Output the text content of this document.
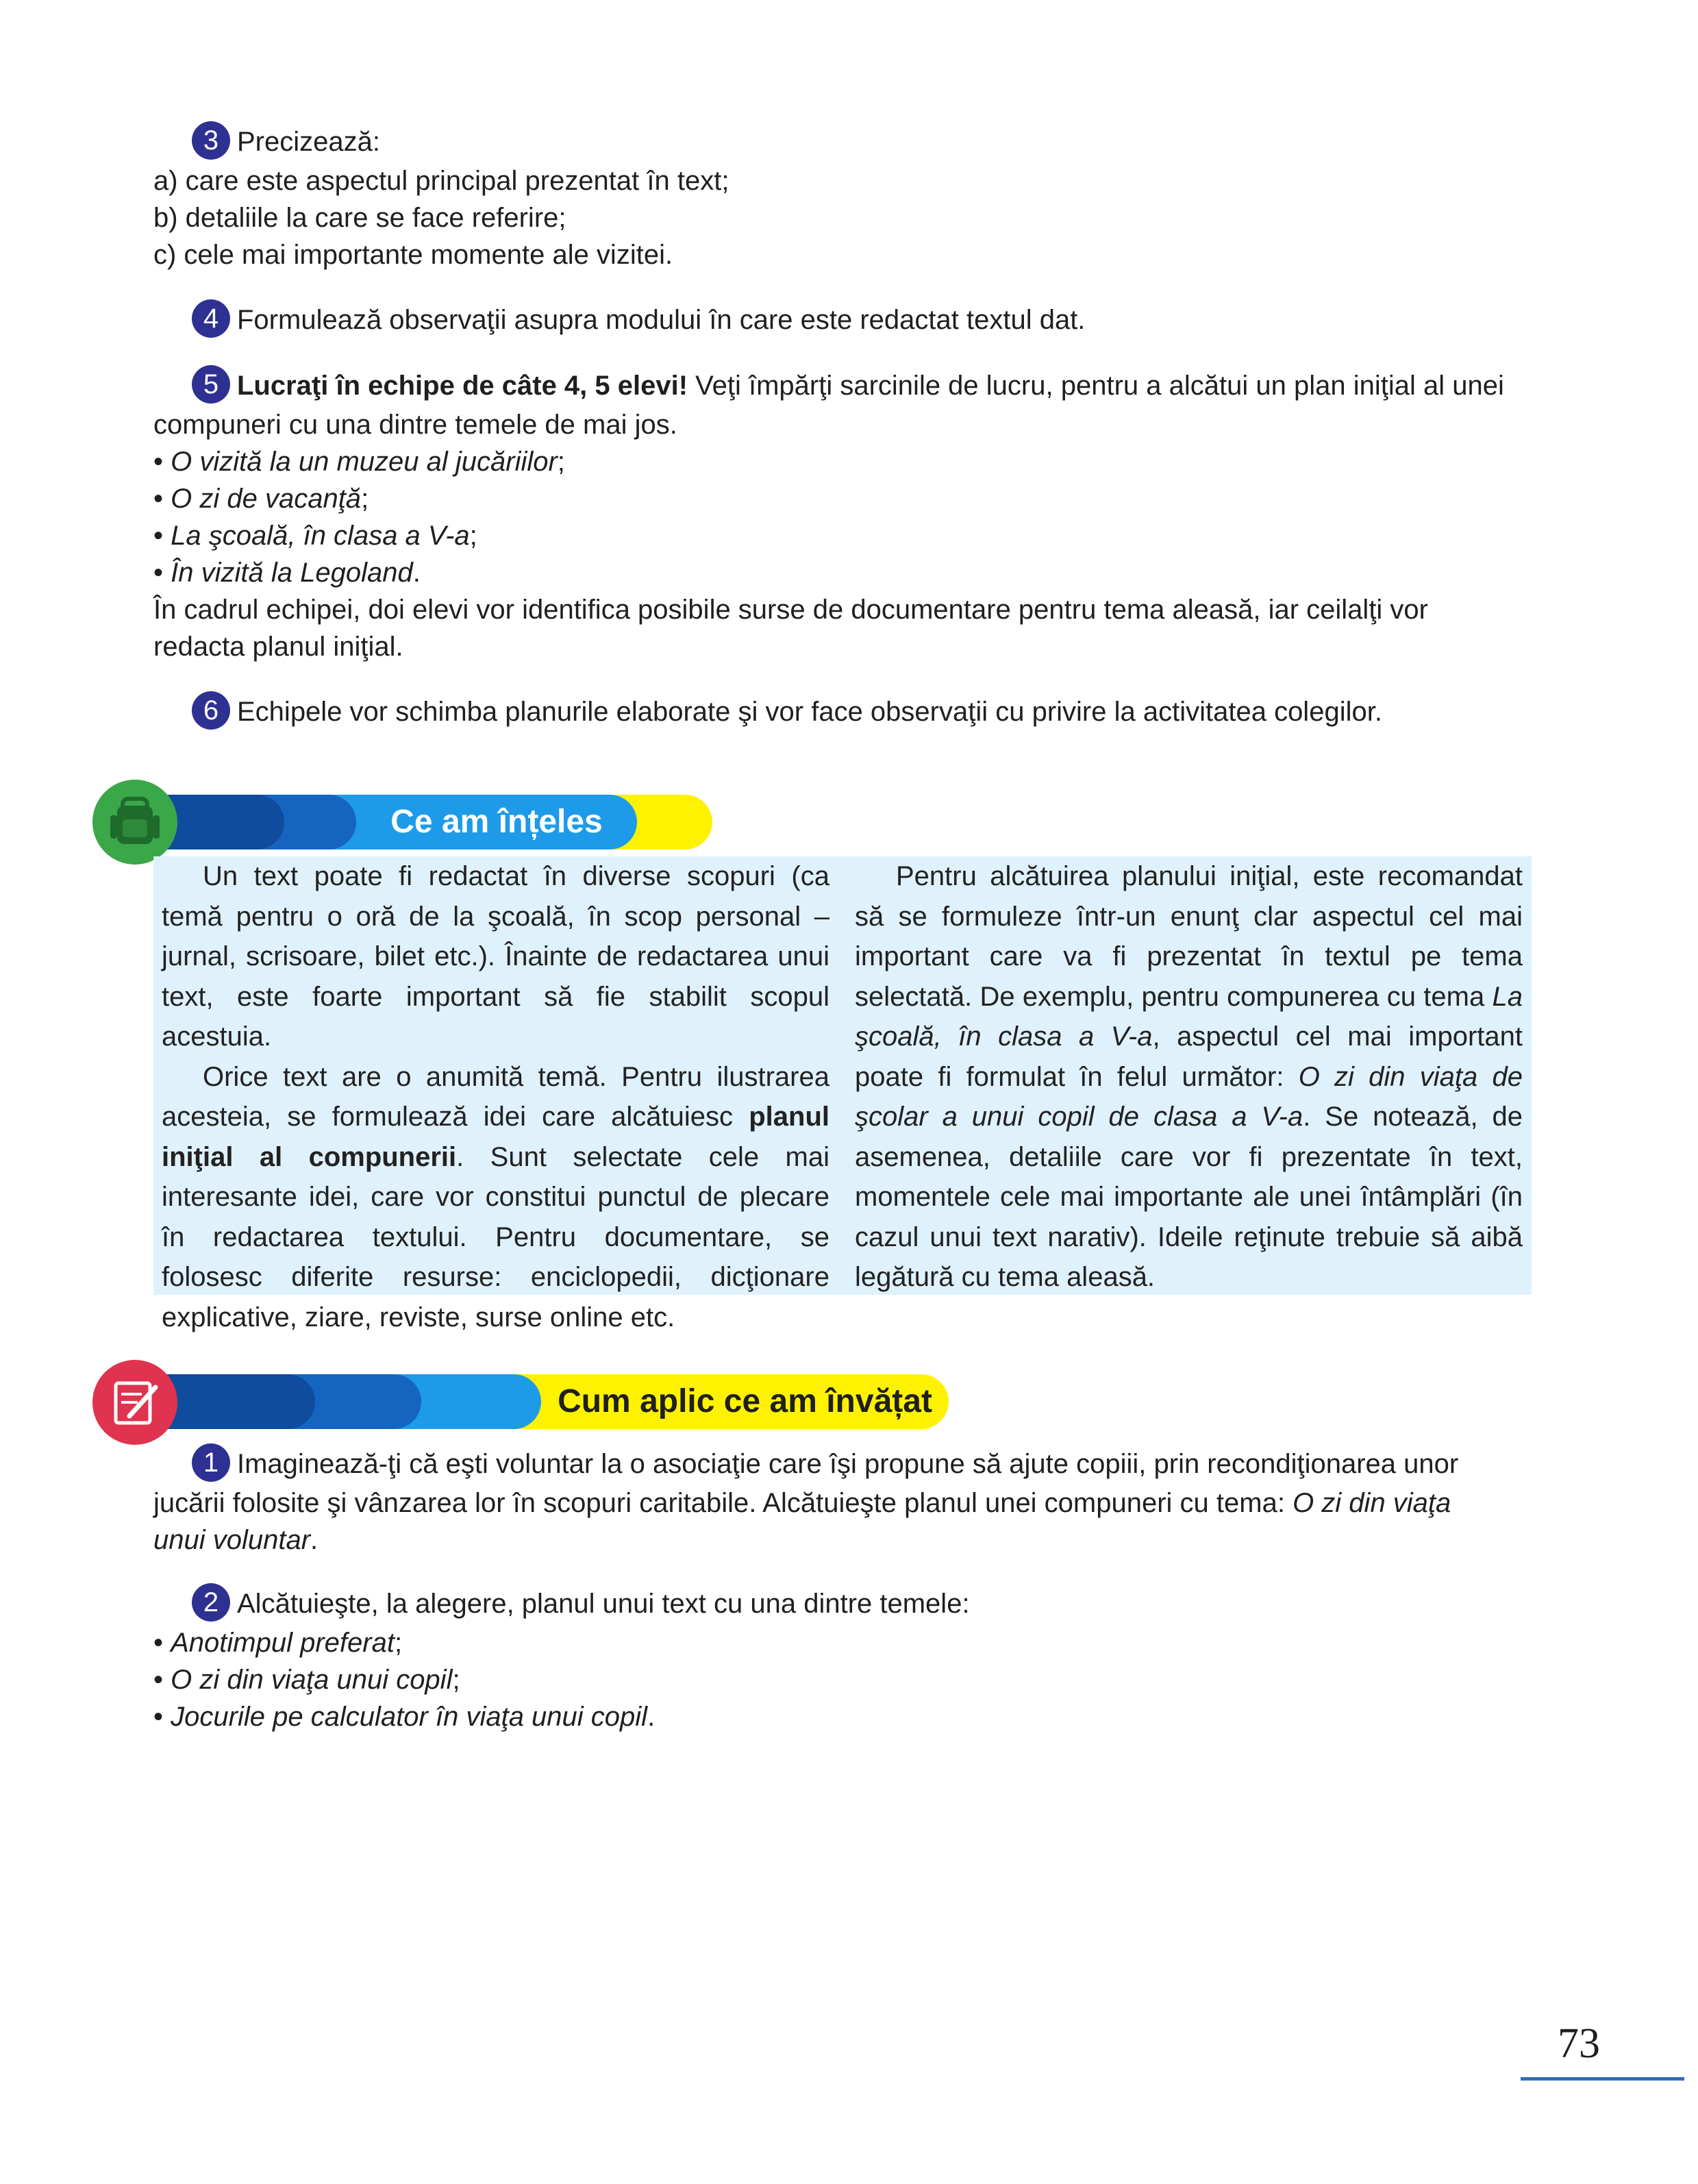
3 Precizează:
a) care este aspectul principal prezentat în text;
b) detaliile la care se face referire;
c) cele mai importante momente ale vizitei.
4 Formulează observaţii asupra modului în care este redactat textul dat.
5 Lucraţi în echipe de câte 4, 5 elevi! Veţi împărţi sarcinile de lucru, pentru a alcătui un plan iniţial al unei
compuneri cu una dintre temele de mai jos.
• O vizită la un muzeu al jucăriilor;
• O zi de vacanţă;
• La şcoală, în clasa a V-a;
• În vizită la Legoland.
În cadrul echipei, doi elevi vor identifica posibile surse de documentare pentru tema aleasă, iar ceilalţi vor
redacta planul iniţial.
6 Echipele vor schimba planurile elaborate şi vor face observaţii cu privire la activitatea colegilor.
Ce am înțeles

Un text poate fi redactat în diverse scopuri (ca temă pentru o oră de la şcoală, în scop personal – jurnal, scrisoare, bilet etc.). Înainte de redactarea unui text, este foarte important să fie stabilit scopul acestuia.

Orice text are o anumită temă. Pentru ilustrarea acesteia, se formulează idei care alcătuiesc planul iniţial al compunerii. Sunt selectate cele mai interesante idei, care vor constitui punctul de plecare în redactarea textului. Pentru documentare, se folosesc diferite resurse: enciclopedii, dicţionare explicative, ziare, reviste, surse online etc.

Pentru alcătuirea planului iniţial, este recomandat să se formuleze într-un enunţ clar aspectul cel mai important care va fi prezentat în textul pe tema selectată. De exemplu, pentru compunerea cu tema La şcoală, în clasa a V-a, aspectul cel mai important poate fi formulat în felul următor: O zi din viaţa de şcolar a unui copil de clasa a V-a. Se notează, de asemenea, detaliile care vor fi prezentate în text, momentele cele mai importante ale unei întâmplări (în cazul unui text narativ). Ideile reţinute trebuie să aibă legătură cu tema aleasă.

Cum aplic ce am învățat
1 Imaginează-ţi că eşti voluntar la o asociaţie care îşi propune să ajute copiii, prin recondiţionarea unor
jucării folosite şi vânzarea lor în scopuri caritabile. Alcătuieşte planul unei compuneri cu tema: O zi din viaţa
unui voluntar.
2 Alcătuieşte, la alegere, planul unui text cu una dintre temele:
• Anotimpul preferat;
• O zi din viaţa unui copil;
• Jocurile pe calculator în viaţa unui copil.
73
